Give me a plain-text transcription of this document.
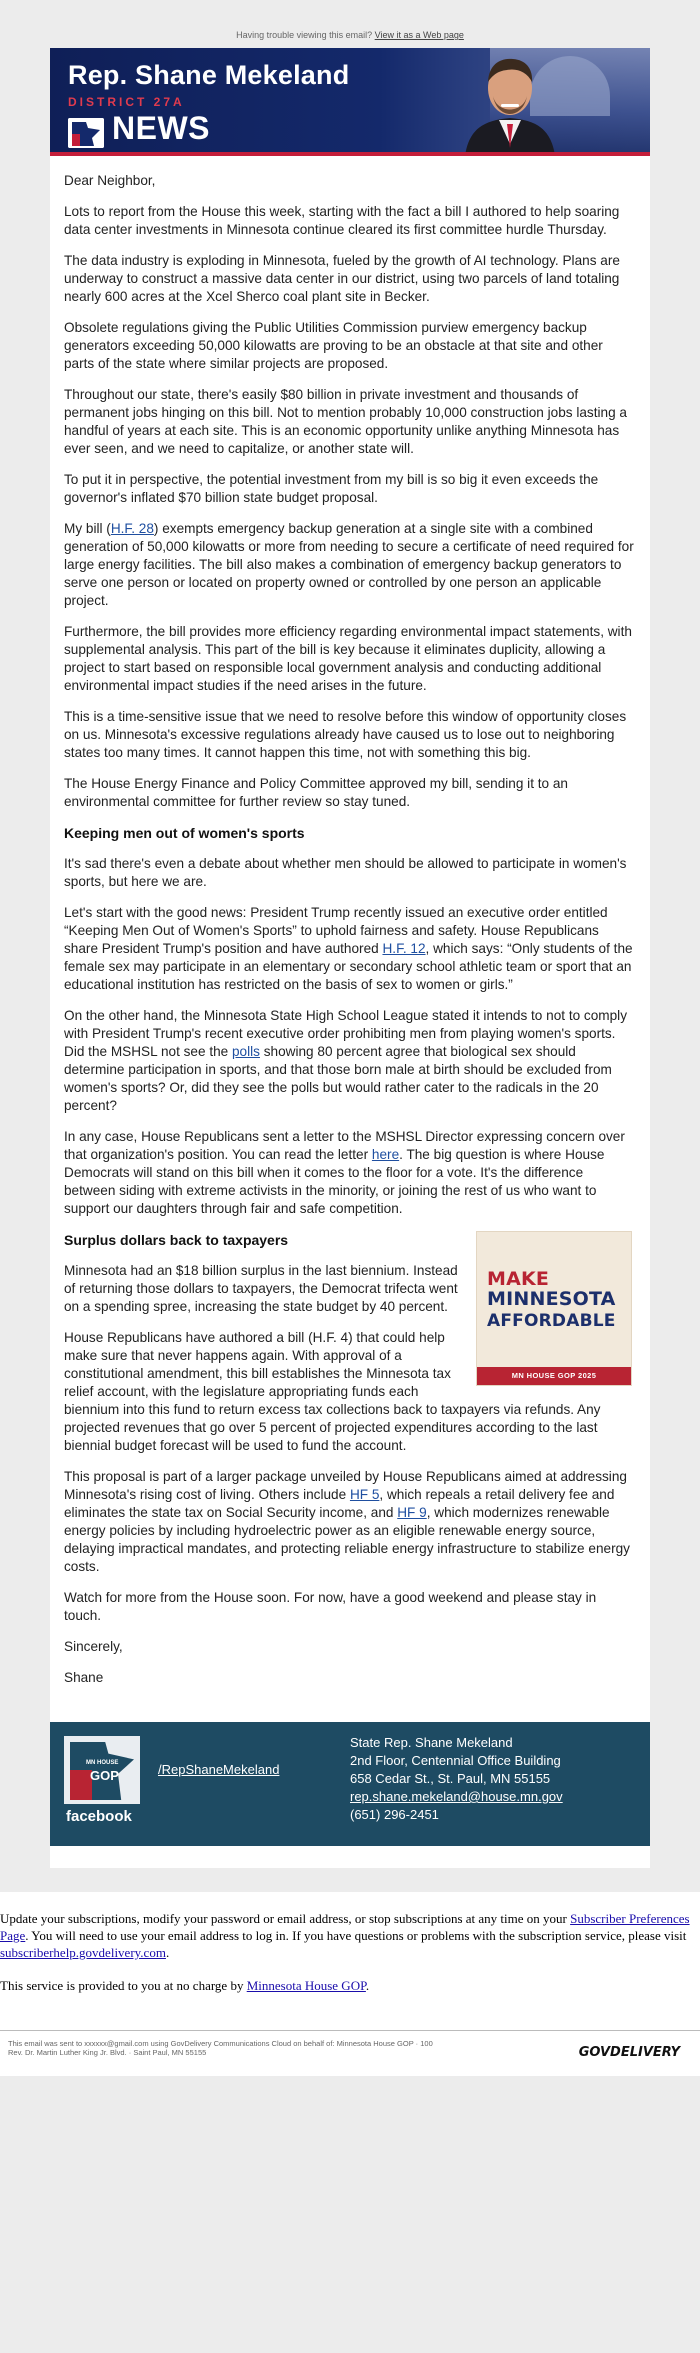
Having trouble viewing this email? View it as a Web page
Rep. Shane Mekeland
DISTRICT 27A
NEWS

Dear Neighbor,

Lots to report from the House this week, starting with the fact a bill I authored to help soaring data center investments in Minnesota continue cleared its first committee hurdle Thursday.

The data industry is exploding in Minnesota, fueled by the growth of AI technology. Plans are underway to construct a massive data center in our district, using two parcels of land totaling nearly 600 acres at the Xcel Sherco coal plant site in Becker.

Obsolete regulations giving the Public Utilities Commission purview emergency backup generators exceeding 50,000 kilowatts are proving to be an obstacle at that site and other parts of the state where similar projects are proposed.

Throughout our state, there's easily $80 billion in private investment and thousands of permanent jobs hinging on this bill. Not to mention probably 10,000 construction jobs lasting a handful of years at each site. This is an economic opportunity unlike anything Minnesota has ever seen, and we need to capitalize, or another state will.

To put it in perspective, the potential investment from my bill is so big it even exceeds the governor's inflated $70 billion state budget proposal.

My bill (H.F. 28) exempts emergency backup generation at a single site with a combined generation of 50,000 kilowatts or more from needing to secure a certificate of need required for large energy facilities. The bill also makes a combination of emergency backup generators to serve one person or located on property owned or controlled by one person an applicable project.

Furthermore, the bill provides more efficiency regarding environmental impact statements, with supplemental analysis. This part of the bill is key because it eliminates duplicity, allowing a project to start based on responsible local government analysis and conducting additional environmental impact studies if the need arises in the future.

This is a time-sensitive issue that we need to resolve before this window of opportunity closes on us. Minnesota's excessive regulations already have caused us to lose out to neighboring states too many times. It cannot happen this time, not with something this big.

The House Energy Finance and Policy Committee approved my bill, sending it to an environmental committee for further review so stay tuned.

Keeping men out of women's sports

It's sad there's even a debate about whether men should be allowed to participate in women's sports, but here we are.

Let's start with the good news: President Trump recently issued an executive order entitled “Keeping Men Out of Women's Sports” to uphold fairness and safety. House Republicans share President Trump's position and have authored H.F. 12, which says: “Only students of the female sex may participate in an elementary or secondary school athletic team or sport that an educational institution has restricted on the basis of sex to women or girls.”

On the other hand, the Minnesota State High School League stated it intends to not to comply with President Trump's recent executive order prohibiting men from playing women's sports. Did the MSHSL not see the polls showing 80 percent agree that biological sex should determine participation in sports, and that those born male at birth should be excluded from women's sports? Or, did they see the polls but would rather cater to the radicals in the 20 percent?

In any case, House Republicans sent a letter to the MSHSL Director expressing concern over that organization's position. You can read the letter here. The big question is where House Democrats will stand on this bill when it comes to the floor for a vote. It's the difference between siding with extreme activists in the minority, or joining the rest of us who want to support our daughters through fair and safe competition.

MAKE
MINNESOTA
AFFORDABLE
MN HOUSE GOP 2025
Surplus dollars back to taxpayers

Minnesota had an $18 billion surplus in the last biennium. Instead of returning those dollars to taxpayers, the Democrat trifecta went on a spending spree, increasing the state budget by 40 percent.

House Republicans have authored a bill (H.F. 4) that could help make sure that never happens again. With approval of a constitutional amendment, this bill establishes the Minnesota tax relief account, with the legislature appropriating funds each biennium into this fund to return excess tax collections back to taxpayers via refunds. Any projected revenues that go over 5 percent of projected expenditures according to the last biennial budget forecast will be used to fund the account.

This proposal is part of a larger package unveiled by House Republicans aimed at addressing Minnesota's rising cost of living. Others include HF 5, which repeals a retail delivery fee and eliminates the state tax on Social Security income, and HF 9, which modernizes renewable energy policies by including hydroelectric power as an eligible renewable energy source, delaying impractical mandates, and protecting reliable energy infrastructure to stabilize energy costs.

Watch for more from the House soon. For now, have a good weekend and please stay in touch.

Sincerely,

Shane

MN HOUSE
GOP
facebook
/RepShaneMekeland
State Rep. Shane Mekeland
2nd Floor, Centennial Office Building
658 Cedar St., St. Paul, MN 55155
rep.shane.mekeland@house.mn.gov
(651) 296-2451

Update your subscriptions, modify your password or email address, or stop subscriptions at any time on your Subscriber Preferences Page. You will need to use your email address to log in. If you have questions or problems with the subscription service, please visit subscriberhelp.govdelivery.com.

This service is provided to you at no charge by Minnesota House GOP.

This email was sent to xxxxxx@gmail.com using GovDelivery Communications Cloud on behalf of: Minnesota House GOP · 100
Rev. Dr. Martin Luther King Jr. Blvd. · Saint Paul, MN 55155	GOVDELIVERY
